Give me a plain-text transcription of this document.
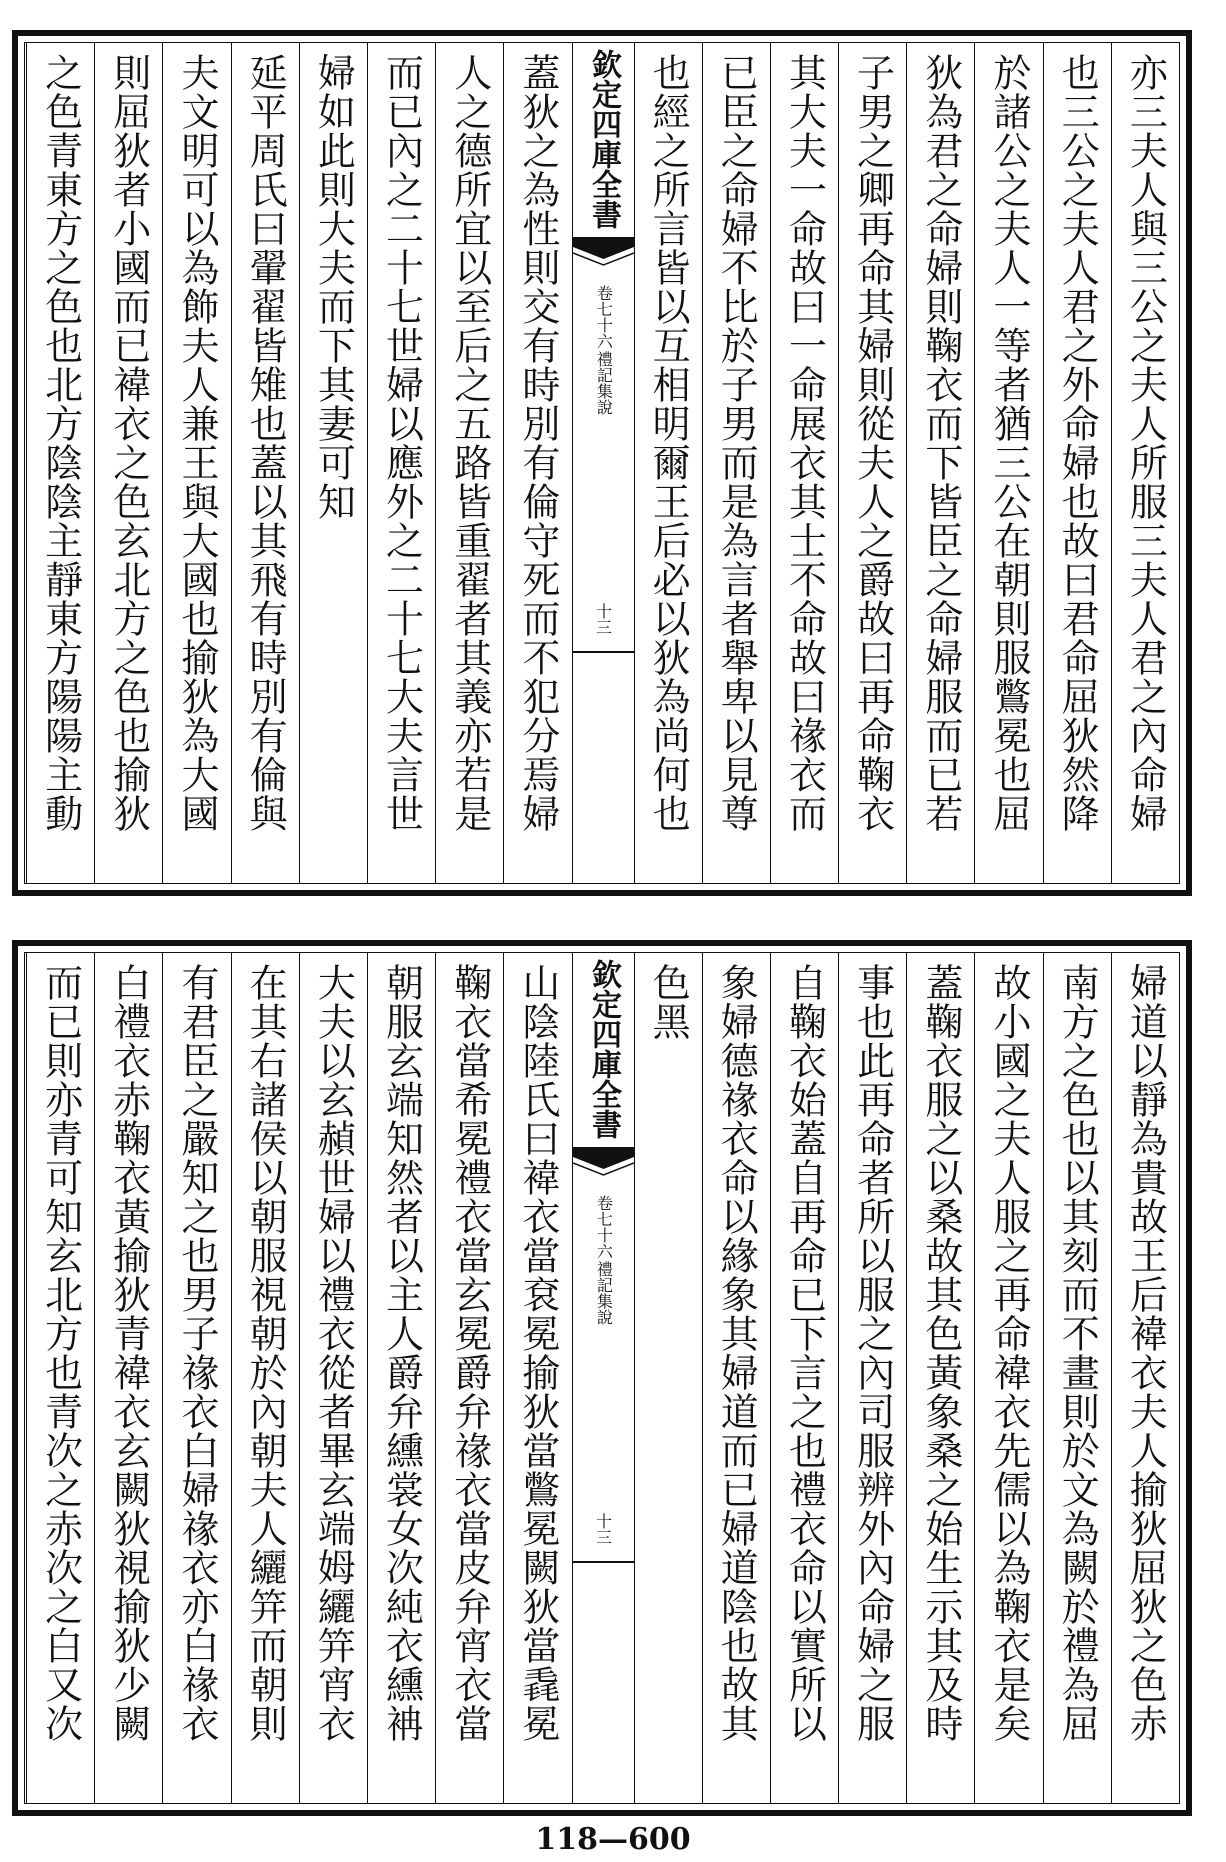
亦三夫人與三公之夫人所服三夫人君之內命婦
也三公之夫人君之外命婦也故曰君命屈狄然降
於諸公之夫人一等者猶三公在朝則服鷩冕也屈
狄為君之命婦則鞠衣而下皆臣之命婦服而已若
子男之卿再命其婦則從夫人之爵故曰再命鞠衣
其大夫一命故曰一命展衣其士不命故曰禒衣而
已臣之命婦不比於子男而是為言者舉卑以見尊
也經之所言皆以互相明爾王后必以狄為尚何也
欽定四庫全書
禮記集說
卷七十六
十三
蓋狄之為性則交有時別有倫守死而不犯分焉婦
人之德所宜以至后之五路皆重翟者其義亦若是
而已內之二十七世婦以應外之二十七大夫言世
婦如此則大夫而下其妻可知
延平周氏曰翬翟皆雉也蓋以其飛有時別有倫與
夫文明可以為飾夫人兼王與大國也揄狄為大國
則屈狄者小國而已褘衣之色玄北方之色也揄狄
之色青東方之色也北方陰陰主靜東方陽陽主動
婦道以靜為貴故王后褘衣夫人揄狄屈狄之色赤
南方之色也以其刻而不畫則於文為闕於禮為屈
故小國之夫人服之再命褘衣先儒以為鞠衣是矣
蓋鞠衣服之以桑故其色黃象桑之始生示其及時
事也此再命者所以服之內司服辨外內命婦之服
自鞠衣始蓋自再命已下言之也禮衣命以實所以
象婦德禒衣命以緣象其婦道而已婦道陰也故其
色黑
欽定四庫全書
禮記集說
卷七十六
十三
山陰陸氏曰褘衣當袞冕揄狄當鷩冕闕狄當毳冕
鞠衣當希冕禮衣當玄冕爵弁禒衣當皮弁宵衣當
朝服玄端知然者以主人爵弁纁裳女次純衣纁袡
大夫以玄赬世婦以禮衣從者畢玄端姆纚笄宵衣
在其右諸侯以朝服視朝於內朝夫人纚笄而朝則
有君臣之嚴知之也男子禒衣白婦禒衣亦白禒衣
白禮衣赤鞠衣黃揄狄青褘衣玄闕狄視揄狄少闕
而已則亦青可知玄北方也青次之赤次之白又次
118—600
